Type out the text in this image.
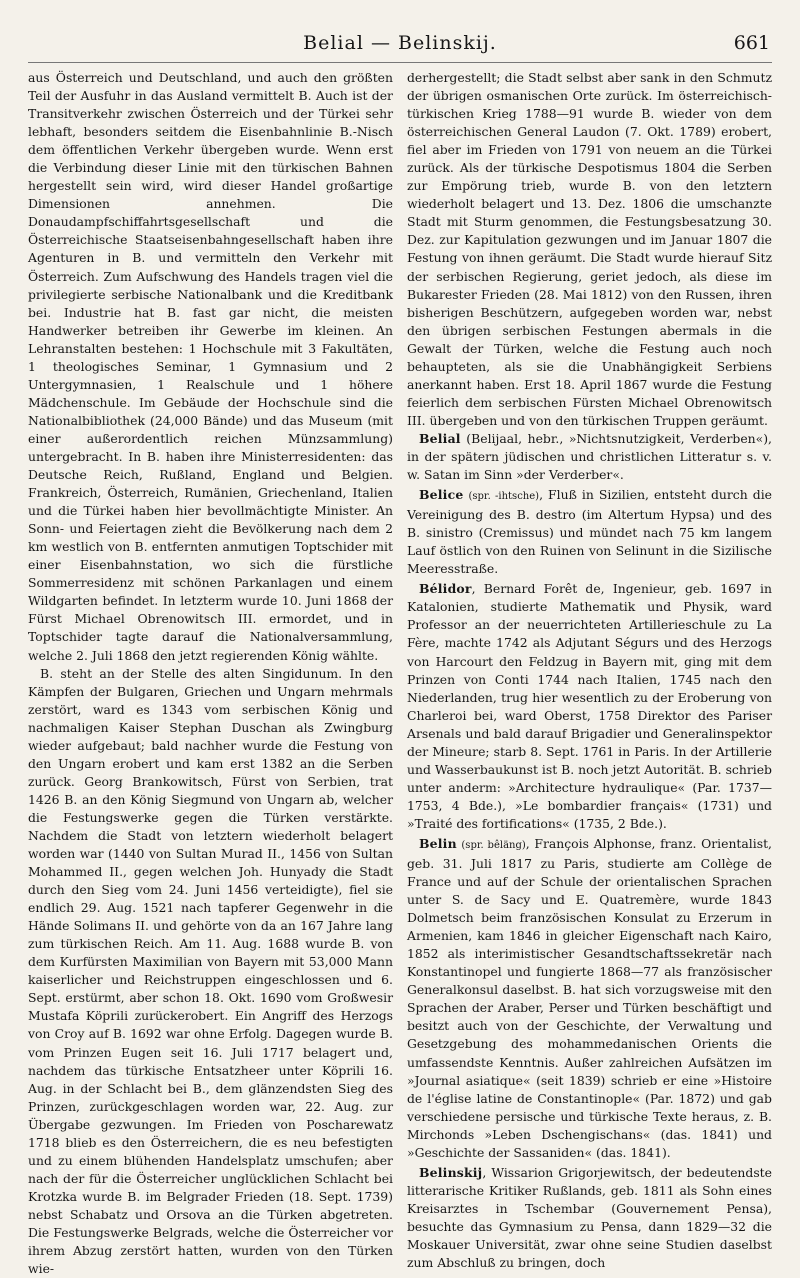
Belial — Belinskij.	661

aus Österreich und Deutschland, und auch den größten Teil der Ausfuhr in das Ausland vermittelt B. Auch ist der Transitverkehr zwischen Österreich und der Türkei sehr lebhaft, besonders seitdem die Eisenbahnlinie B.-Nisch dem öffentlichen Verkehr übergeben wurde. Wenn erst die Verbindung dieser Linie mit den türkischen Bahnen hergestellt sein wird, wird dieser Handel großartige Dimensionen annehmen. Die Donaudampfschiffahrtsgesellschaft und die Österreichische Staatseisenbahngesellschaft haben ihre Agenturen in B. und vermitteln den Verkehr mit Österreich. Zum Aufschwung des Handels tragen viel die privilegierte serbische Nationalbank und die Kreditbank bei. Industrie hat B. fast gar nicht, die meisten Handwerker betreiben ihr Gewerbe im kleinen. An Lehranstalten bestehen: 1 Hochschule mit 3 Fakultäten, 1 theologisches Seminar, 1 Gymnasium und 2 Untergymnasien, 1 Realschule und 1 höhere Mädchenschule. Im Gebäude der Hochschule sind die Nationalbibliothek (24,000 Bände) und das Museum (mit einer außerordentlich reichen Münzsammlung) untergebracht. In B. haben ihre Ministerresidenten: das Deutsche Reich, Rußland, England und Belgien. Frankreich, Österreich, Rumänien, Griechenland, Italien und die Türkei haben hier bevollmächtigte Minister. An Sonn- und Feiertagen zieht die Bevölkerung nach dem 2 km westlich von B. entfernten anmutigen Toptschider mit einer Eisenbahnstation, wo sich die fürstliche Sommerresidenz mit schönen Parkanlagen und einem Wildgarten befindet. In letzterm wurde 10. Juni 1868 der Fürst Michael Obrenowitsch III. ermordet, und in Toptschider tagte darauf die Nationalversammlung, welche 2. Juli 1868 den jetzt regierenden König wählte.

B. steht an der Stelle des alten Singidunum. In den Kämpfen der Bulgaren, Griechen und Ungarn mehrmals zerstört, ward es 1343 vom serbischen König und nachmaligen Kaiser Stephan Duschan als Zwingburg wieder aufgebaut; bald nachher wurde die Festung von den Ungarn erobert und kam erst 1382 an die Serben zurück. Georg Brankowitsch, Fürst von Serbien, trat 1426 B. an den König Siegmund von Ungarn ab, welcher die Festungswerke gegen die Türken verstärkte. Nachdem die Stadt von letztern wiederholt belagert worden war (1440 von Sultan Murad II., 1456 von Sultan Mohammed II., gegen welchen Joh. Hunyady die Stadt durch den Sieg vom 24. Juni 1456 verteidigte), fiel sie endlich 29. Aug. 1521 nach tapferer Gegenwehr in die Hände Solimans II. und gehörte von da an 167 Jahre lang zum türkischen Reich. Am 11. Aug. 1688 wurde B. von dem Kurfürsten Maximilian von Bayern mit 53,000 Mann kaiserlicher und Reichstruppen eingeschlossen und 6. Sept. erstürmt, aber schon 18. Okt. 1690 vom Großwesir Mustafa Köprili zurückerobert. Ein Angriff des Herzogs von Croy auf B. 1692 war ohne Erfolg. Dagegen wurde B. vom Prinzen Eugen seit 16. Juli 1717 belagert und, nachdem das türkische Entsatzheer unter Köprili 16. Aug. in der Schlacht bei B., dem glänzendsten Sieg des Prinzen, zurückgeschlagen worden war, 22. Aug. zur Übergabe gezwungen. Im Frieden von Poscharewatz 1718 blieb es den Österreichern, die es neu befestigten und zu einem blühenden Handelsplatz umschufen; aber nach der für die Österreicher unglücklichen Schlacht bei Krotzka wurde B. im Belgrader Frieden (18. Sept. 1739) nebst Schabatz und Orsova an die Türken abgetreten. Die Festungswerke Belgrads, welche die Österreicher vor ihrem Abzug zerstört hatten, wurden von den Türken wie-

derhergestellt; die Stadt selbst aber sank in den Schmutz der übrigen osmanischen Orte zurück. Im österreichisch-türkischen Krieg 1788—91 wurde B. wieder von dem österreichischen General Laudon (7. Okt. 1789) erobert, fiel aber im Frieden von 1791 von neuem an die Türkei zurück. Als der türkische Despotismus 1804 die Serben zur Empörung trieb, wurde B. von den letztern wiederholt belagert und 13. Dez. 1806 die umschanzte Stadt mit Sturm genommen, die Festungsbesatzung 30. Dez. zur Kapitulation gezwungen und im Januar 1807 die Festung von ihnen geräumt. Die Stadt wurde hierauf Sitz der serbischen Regierung, geriet jedoch, als diese im Bukarester Frieden (28. Mai 1812) von den Russen, ihren bisherigen Beschützern, aufgegeben worden war, nebst den übrigen serbischen Festungen abermals in die Gewalt der Türken, welche die Festung auch noch behaupteten, als sie die Unabhängigkeit Serbiens anerkannt haben. Erst 18. April 1867 wurde die Festung feierlich dem serbischen Fürsten Michael Obrenowitsch III. übergeben und von den türkischen Truppen geräumt.

Belial (Belijaal, hebr., »Nichtsnutzigkeit, Verderben«), in der spätern jüdischen und christlichen Litteratur s. v. w. Satan im Sinn »der Verderber«.

Belice (spr. -ihtsche), Fluß in Sizilien, entsteht durch die Vereinigung des B. destro (im Altertum Hypsa) und des B. sinistro (Cremissus) und mündet nach 75 km langem Lauf östlich von den Ruinen von Selinunt in die Sizilische Meeresstraße.

Bélidor, Bernard Forêt de, Ingenieur, geb. 1697 in Katalonien, studierte Mathematik und Physik, ward Professor an der neuerrichteten Artillerieschule zu La Fère, machte 1742 als Adjutant Ségurs und des Herzogs von Harcourt den Feldzug in Bayern mit, ging mit dem Prinzen von Conti 1744 nach Italien, 1745 nach den Niederlanden, trug hier wesentlich zu der Eroberung von Charleroi bei, ward Oberst, 1758 Direktor des Pariser Arsenals und bald darauf Brigadier und Generalinspektor der Mineure; starb 8. Sept. 1761 in Paris. In der Artillerie und Wasserbaukunst ist B. noch jetzt Autorität. B. schrieb unter anderm: »Architecture hydraulique« (Par. 1737—1753, 4 Bde.), »Le bombardier français« (1731) und »Traité des fortifications« (1735, 2 Bde.).

Belin (spr. bêläng), François Alphonse, franz. Orientalist, geb. 31. Juli 1817 zu Paris, studierte am Collège de France und auf der Schule der orientalischen Sprachen unter S. de Sacy und E. Quatremère, wurde 1843 Dolmetsch beim französischen Konsulat zu Erzerum in Armenien, kam 1846 in gleicher Eigenschaft nach Kairo, 1852 als interimistischer Gesandtschaftssekretär nach Konstantinopel und fungierte 1868—77 als französischer Generalkonsul daselbst. B. hat sich vorzugsweise mit den Sprachen der Araber, Perser und Türken beschäftigt und besitzt auch von der Geschichte, der Verwaltung und Gesetzgebung des mohammedanischen Orients die umfassendste Kenntnis. Außer zahlreichen Aufsätzen im »Journal asiatique« (seit 1839) schrieb er eine »Histoire de l'église latine de Constantinople« (Par. 1872) und gab verschiedene persische und türkische Texte heraus, z. B. Mirchonds »Leben Dschengischans« (das. 1841) und »Geschichte der Sassaniden« (das. 1841).

Belinskij, Wissarion Grigorjewitsch, der bedeutendste litterarische Kritiker Rußlands, geb. 1811 als Sohn eines Kreisarztes in Tschembar (Gouvernement Pensa), besuchte das Gymnasium zu Pensa, dann 1829—32 die Moskauer Universität, zwar ohne seine Studien daselbst zum Abschluß zu bringen, doch
